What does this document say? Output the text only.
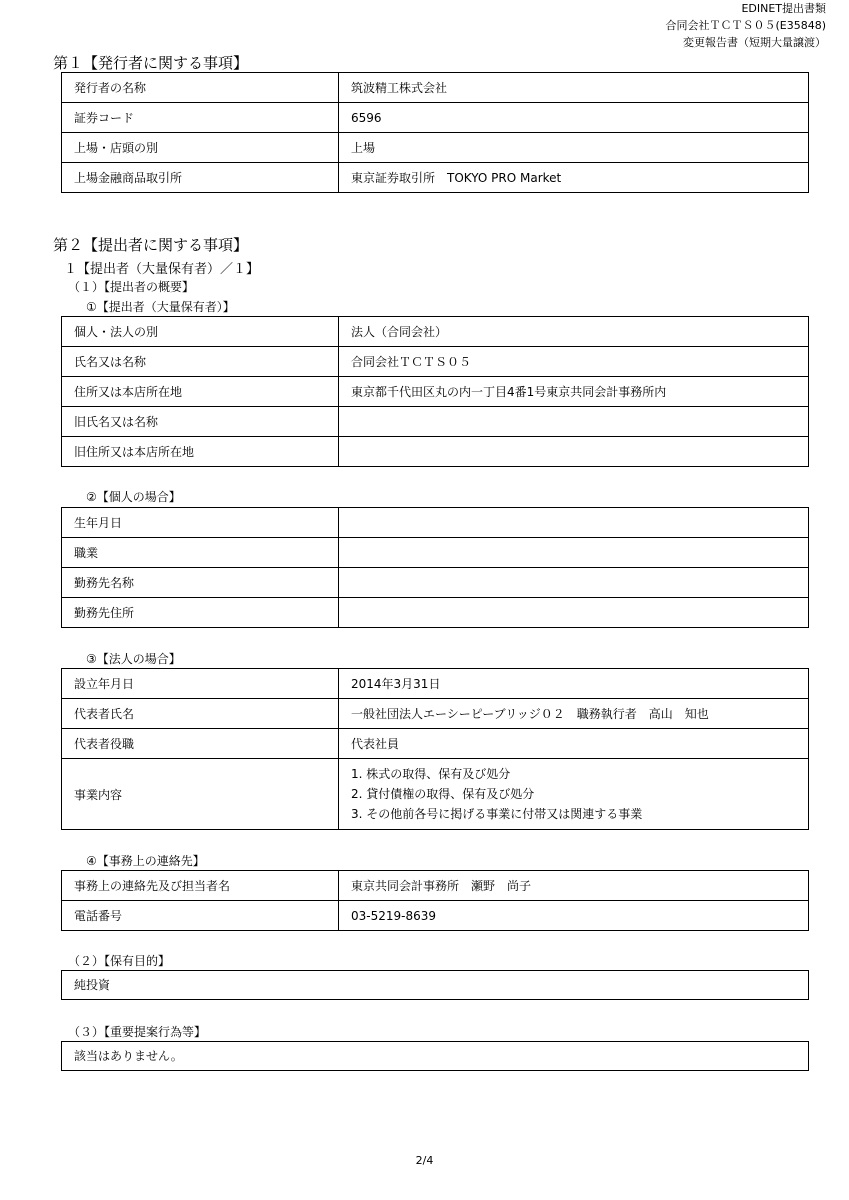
EDINET提出書類
合同会社ＴＣＴＳ０５(E35848)
変更報告書（短期大量譲渡）
第１【発行者に関する事項】
発行者の名称	筑波精工株式会社
証券コード	6596
上場・店頭の別	上場
上場金融商品取引所	東京証券取引所　TOKYO PRO Market
第２【提出者に関する事項】
１【提出者（大量保有者）／１】
（１）【提出者の概要】
①【提出者（大量保有者）】
個人・法人の別	法人（合同会社）
氏名又は名称	合同会社ＴＣＴＳ０５
住所又は本店所在地	東京都千代田区丸の内一丁目4番1号東京共同会計事務所内
旧氏名又は名称	
旧住所又は本店所在地	
②【個人の場合】
生年月日	
職業	
勤務先名称	
勤務先住所	
③【法人の場合】
設立年月日	2014年3月31日
代表者氏名	一般社団法人エーシーピーブリッジ０２　職務執行者　高山　知也
代表者役職	代表社員
事業内容	1. 株式の取得、保有及び処分
2. 貸付債権の取得、保有及び処分
3. その他前各号に掲げる事業に付帯又は関連する事業
④【事務上の連絡先】
事務上の連絡先及び担当者名	東京共同会計事務所　瀬野　尚子
電話番号	03-5219-8639
（２）【保有目的】
純投資
（３）【重要提案行為等】
該当はありません。
2/4
